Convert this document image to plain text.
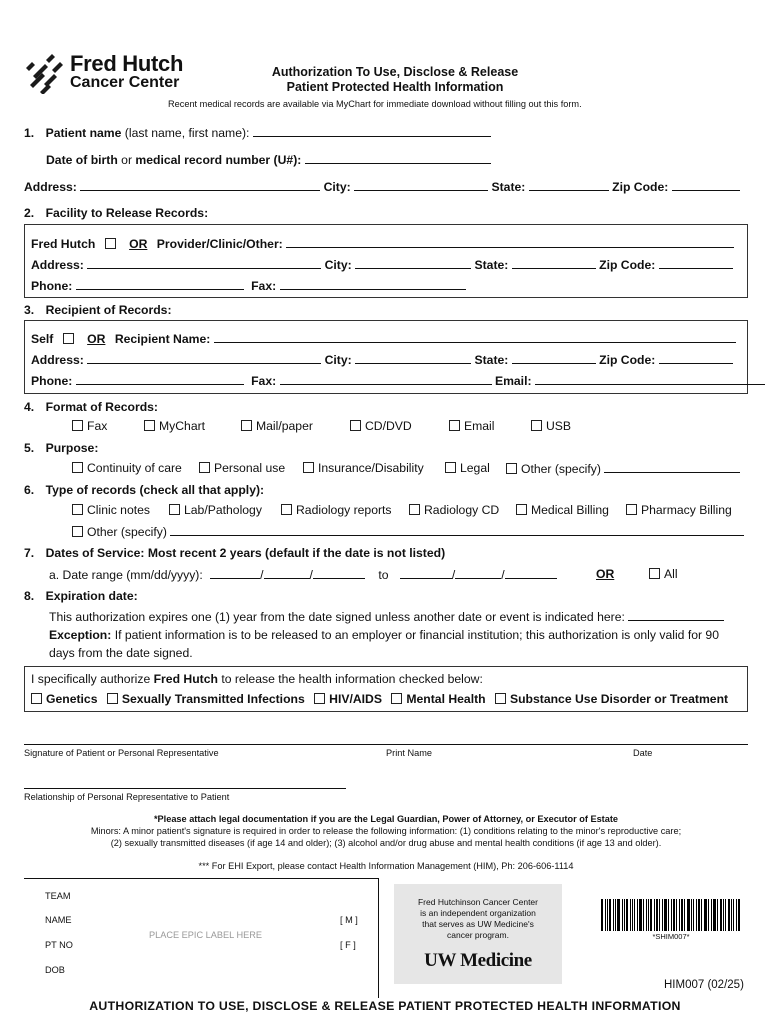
Fred Hutch
Cancer Center
Authorization To Use, Disclose & Release
Patient Protected Health Information
Recent medical records are available via MyChart for immediate download without filling out this form.
1. Patient name (last name, first name):
Date of birth or medical record number (U#):
Address:	City:	State:	Zip Code:
2. Facility to Release Records:
Fred Hutch	OR Provider/Clinic/Other:
Address:	City:	State:	Zip Code:
Phone:	Fax:
3. Recipient of Records:
Self	OR Recipient Name:
Address:	City:	State:	Zip Code:
Phone:	Fax:	Email:
4. Format of Records:
Fax	MyChart	Mail/paper	CD/DVD	Email	USB
5. Purpose:
Continuity of care	Personal use	Insurance/Disability	Legal	Other (specify)
6. Type of records (check all that apply):
Clinic notes	Lab/Pathology	Radiology reports	Radiology CD	Medical Billing	Pharmacy Billing
Other (specify)
7. Dates of Service: Most recent 2 years (default if the date is not listed)
a. Date range (mm/dd/yyyy):	/	/	to	/	/	OR	All
8. Expiration date:
This authorization expires one (1) year from the date signed unless another date or event is indicated here:
Exception: If patient information is to be released to an employer or financial institution; this authorization is only valid for 90
days from the date signed.
I specifically authorize Fred Hutch to release the health information checked below:
Genetics Sexually Transmitted Infections HIV/AIDS Mental Health Substance Use Disorder or Treatment
Signature of Patient or Personal Representative	Print Name	Date
Relationship of Personal Representative to Patient
*Please attach legal documentation if you are the Legal Guardian, Power of Attorney, or Executor of Estate
Minors: A minor patient's signature is required in order to release the following information: (1) conditions relating to the minor's reproductive care;
(2) sexually transmitted diseases (if age 14 and older); (3) alcohol and/or drug abuse and mental health conditions (if age 13 and older).
*** For EHI Export, please contact Health Information Management (HIM), Ph: 206-606-1114
TEAM
NAME
PT NO
DOB
[ M ]
[ F ]
PLACE EPIC LABEL HERE
Fred Hutchinson Cancer Center
is an independent organization
that serves as UW Medicine's
cancer program.
UW Medicine
*SHIM007*
HIM007 (02/25)
AUTHORIZATION TO USE, DISCLOSE & RELEASE PATIENT PROTECTED HEALTH INFORMATION
